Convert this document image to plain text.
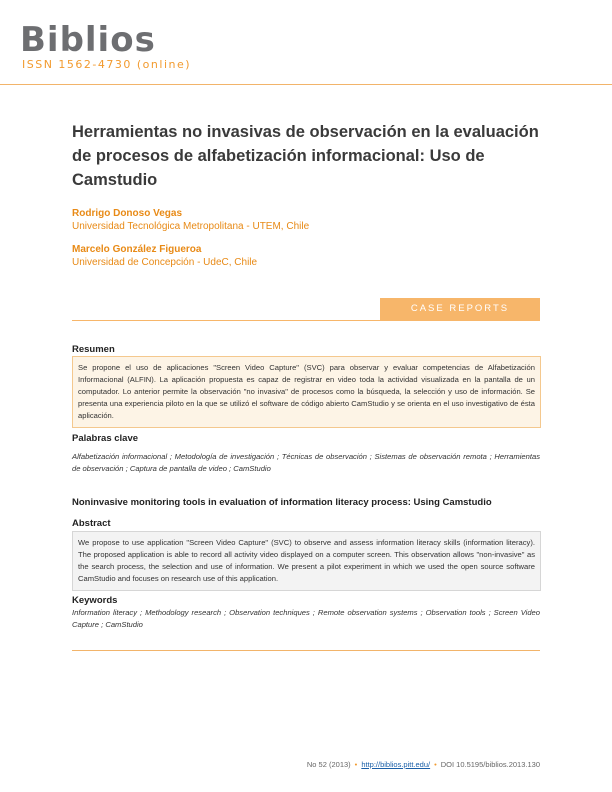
Biblios
ISSN 1562-4730 (online)
Herramientas no invasivas de observación en la evaluación de procesos de alfabetización informacional: Uso de Camstudio
Rodrigo Donoso Vegas
Universidad Tecnológica Metropolitana - UTEM, Chile
Marcelo González Figueroa
Universidad de Concepción - UdeC, Chile
CASE REPORTS
Resumen
Se propone el uso de aplicaciones "Screen Video Capture" (SVC) para observar y evaluar competencias de Alfabetización Informacional (ALFIN). La aplicación propuesta es capaz de registrar en video toda la actividad visualizada en la pantalla de un computador. Lo anterior permite la observación "no invasiva" de procesos como la búsqueda, la selección y uso de información. Se presenta una experiencia piloto en la que se utilizó el software de código abierto CamStudio y se orienta en el uso investigativo de ésta aplicación.
Palabras clave
Alfabetización informacional ; Metodología de investigación ; Técnicas de observación ; Sistemas de observación remota ; Herramientas de observación ; Captura de pantalla de video ; CamStudio
Noninvasive monitoring tools in evaluation of information literacy process: Using Camstudio
Abstract
We propose to use application "Screen Video Capture" (SVC) to observe and assess information literacy skills (information literacy). The proposed application is able to record all activity video displayed on a computer screen. This observation allows "non-invasive" as the search process, the selection and use of information. We present a pilot experiment in which we used the open source software CamStudio and focuses on research use of this application.
Keywords
Information literacy ; Methodology research ; Observation techniques ; Remote observation systems ; Observation tools ; Screen Video Capture ; CamStudio
No 52 (2013) • http://biblios.pitt.edu/ • DOI 10.5195/biblios.2013.130
